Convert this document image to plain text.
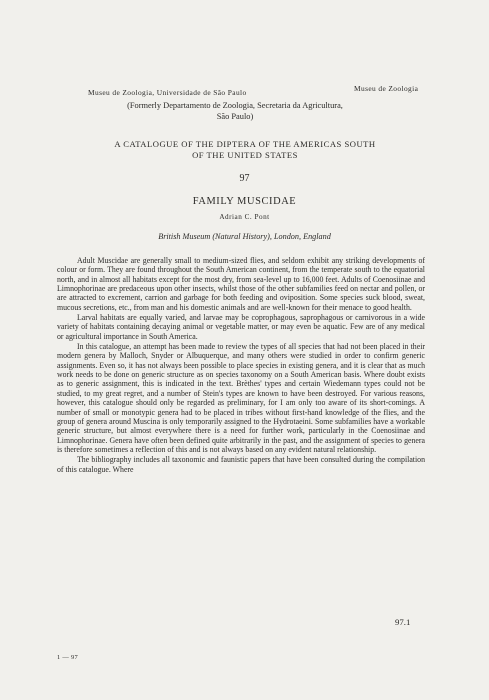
Museu de Zoologia, Universidade de São Paulo	Museu de Zoologia
(Formerly Departamento de Zoologia, Secretaria da Agricultura,
São Paulo)
A CATALOGUE OF THE DIPTERA OF THE AMERICAS SOUTH
OF THE UNITED STATES
97
FAMILY MUSCIDAE
Adrian C. Pont
British Museum (Natural History), London, England

Adult Muscidae are generally small to medium-sized flies, and seldom exhibit any striking developments of colour or form. They are found throughout the South American continent, from the temperate south to the equatorial north, and in almost all habitats except for the most dry, from sea-level up to 16,000 feet. Adults of Coenosiinae and Limnophorinae are predaceous upon other insects, whilst those of the other subfamilies feed on nectar and pollen, or are attracted to excrement, carrion and garbage for both feeding and oviposition. Some species suck blood, sweat, mucous secretions, etc., from man and his domestic animals and are well-known for their menace to good health.

Larval habitats are equally varied, and larvae may be coprophagous, saprophagous or carnivorous in a wide variety of habitats containing decaying animal or vegetable matter, or may even be aquatic. Few are of any medical or agricultural importance in South America.

In this catalogue, an attempt has been made to review the types of all species that had not been placed in their modern genera by Malloch, Snyder or Albuquerque, and many others were studied in order to confirm generic assignments. Even so, it has not always been possible to place species in existing genera, and it is clear that as much work needs to be done on generic structure as on species taxonomy on a South American basis. Where doubt exists as to generic assignment, this is indicated in the text. Brèthes' types and certain Wiedemann types could not be studied, to my great regret, and a number of Stein's types are known to have been destroyed. For various reasons, however, this catalogue should only be regarded as preliminary, for I am only too aware of its short-comings. A number of small or monotypic genera had to be placed in tribes without first-hand knowledge of the flies, and the group of genera around Muscina is only temporarily assigned to the Hydrotaeini. Some subfamilies have a workable generic structure, but almost everywhere there is a need for further work, particularly in the Coenosiinae and Limnophorinae. Genera have often been defined quite arbitrarily in the past, and the assignment of species to genera is therefore sometimes a reflection of this and is not always based on any evident natural relationship.

The bibliography includes all taxonomic and faunistic papers that have been consulted during the compilation of this catalogue. Where

97.1
1 — 97
